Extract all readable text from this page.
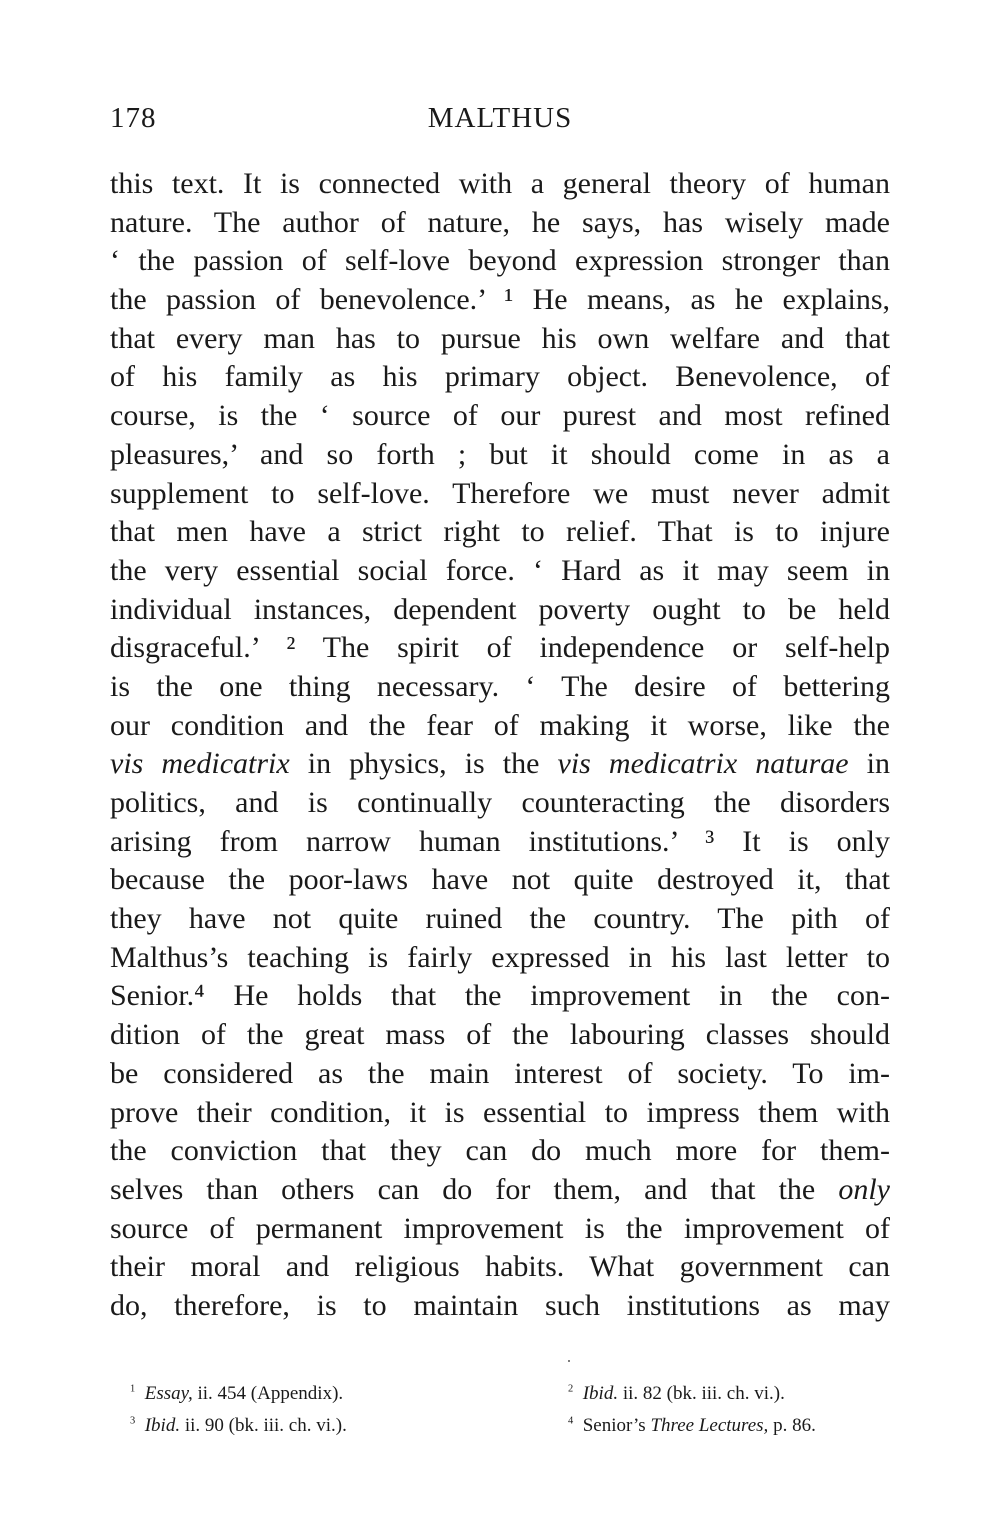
178	MALTHUS
this text. It is connected with a general theory of human
nature. The author of nature, he says, has wisely made
‘ the passion of self-love beyond expression stronger than
the passion of benevolence.’ ¹ He means, as he explains,
that every man has to pursue his own welfare and that
of his family as his primary object. Benevolence, of
course, is the ‘ source of our purest and most refined
pleasures,’ and so forth ; but it should come in as a
supplement to self-love. Therefore we must never admit
that men have a strict right to relief. That is to injure
the very essential social force. ‘ Hard as it may seem in
individual instances, dependent poverty ought to be held
disgraceful.’ ² The spirit of independence or self-help
is the one thing necessary. ‘ The desire of bettering
our condition and the fear of making it worse, like the
vis medicatrix in physics, is the vis medicatrix naturae in
politics, and is continually counteracting the disorders
arising from narrow human institutions.’ ³ It is only
because the poor-laws have not quite destroyed it, that
they have not quite ruined the country. The pith of
Malthus’s teaching is fairly expressed in his last letter to
Senior.⁴ He holds that the improvement in the con-
dition of the great mass of the labouring classes should
be considered as the main interest of society. To im-
prove their condition, it is essential to impress them with
the conviction that they can do much more for them-
selves than others can do for them, and that the only
source of permanent improvement is the improvement of
their moral and religious habits. What government can
do, therefore, is to maintain such institutions as may
$^1$ Essay, ii. 454 (Appendix).	$^2$ Ibid. ii. 82 (bk. iii. ch. vi.).
$^3$ Ibid. ii. 90 (bk. iii. ch. vi.).	$^4$ Senior’s Three Lectures, p. 86.
